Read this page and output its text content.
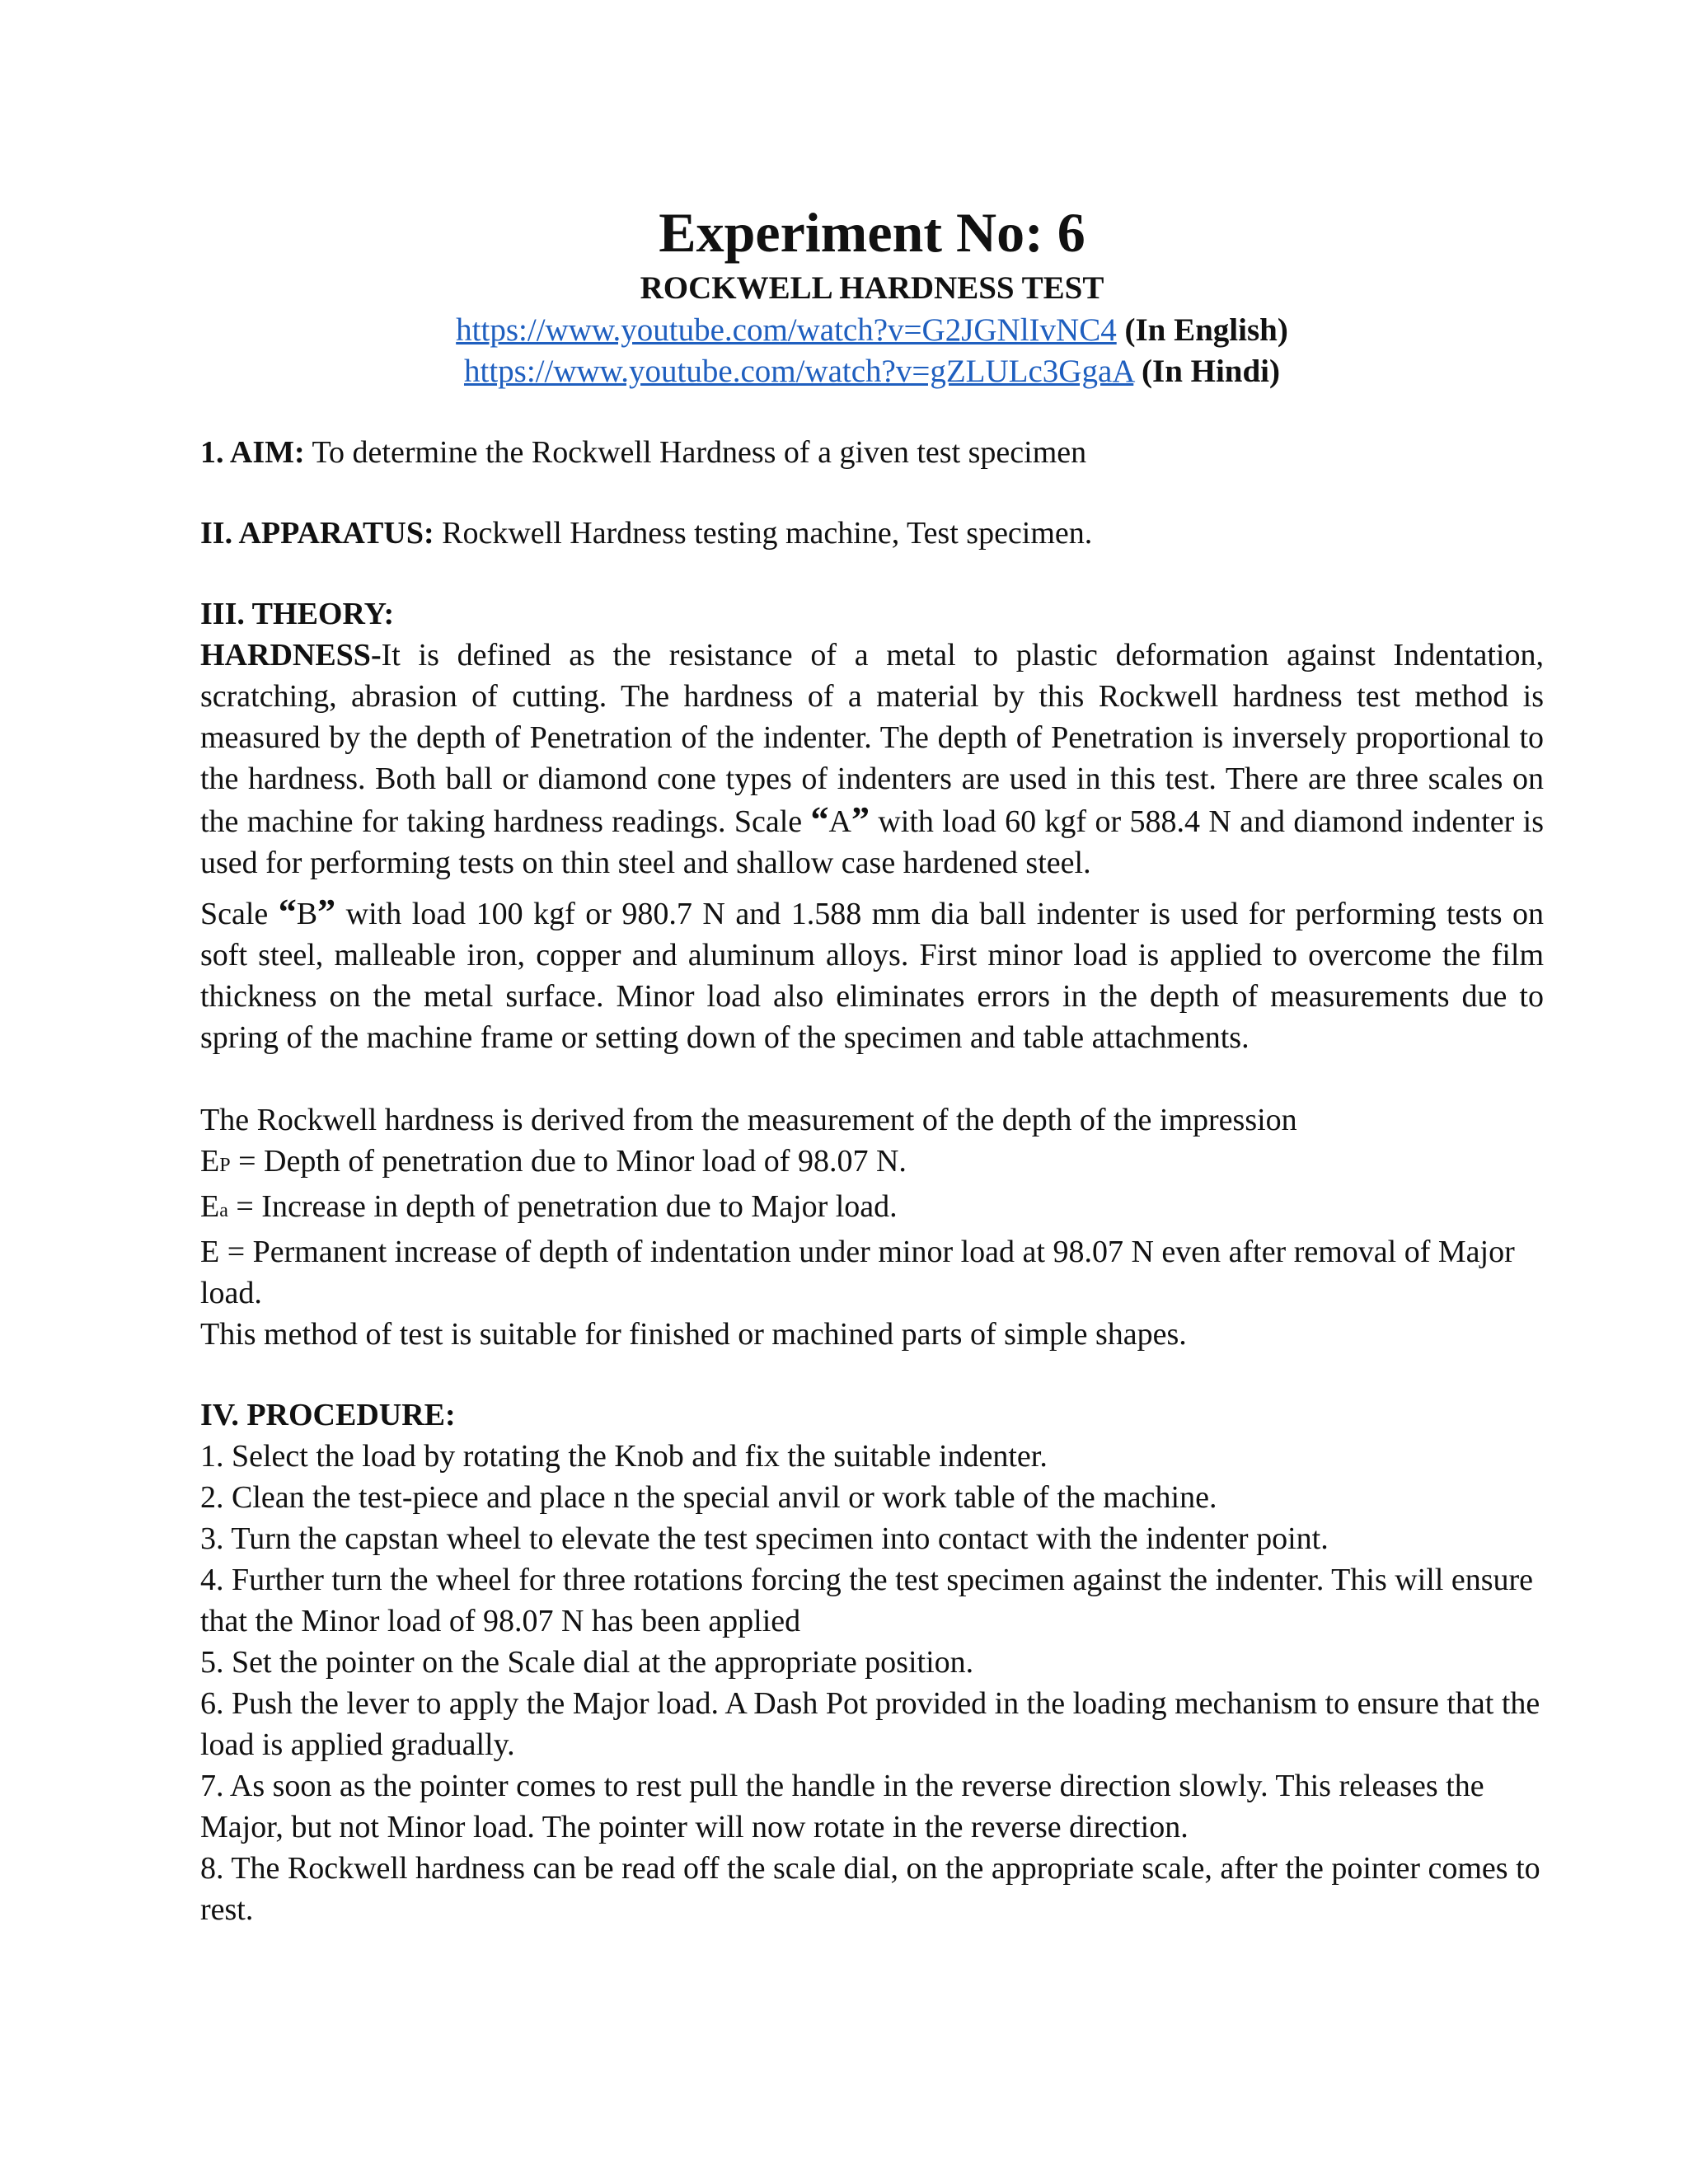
Experiment No: 6

ROCKWELL HARDNESS TEST

https://www.youtube.com/watch?v=G2JGNlIvNC4 (In English)

https://www.youtube.com/watch?v=gZLULc3GgaA (In Hindi)

1. AIM: To determine the Rockwell Hardness of a given test specimen

II. APPARATUS: Rockwell Hardness testing machine, Test specimen.

III. THEORY:

HARDNESS-It is defined as the resistance of a metal to plastic deformation against Indentation, scratching, abrasion of cutting. The hardness of a material by this Rockwell hardness test method is measured by the depth of Penetration of the indenter. The depth of Penetration is inversely proportional to the hardness. Both ball or diamond cone types of indenters are used in this test. There are three scales on the machine for taking hardness readings. Scale “A” with load 60 kgf or 588.4 N and diamond indenter is used for performing tests on thin steel and shallow case hardened steel.

Scale “B” with load 100 kgf or 980.7 N and 1.588 mm dia ball indenter is used for performing tests on soft steel, malleable iron, copper and aluminum alloys. First minor load is applied to overcome the film thickness on the metal surface. Minor load also eliminates errors in the depth of measurements due to spring of the machine frame or setting down of the specimen and table attachments.

The Rockwell hardness is derived from the measurement of the depth of the impression

EP = Depth of penetration due to Minor load of 98.07 N.

Ea = Increase in depth of penetration due to Major load.

E = Permanent increase of depth of indentation under minor load at 98.07 N even after removal of Major load.

This method of test is suitable for finished or machined parts of simple shapes.

IV. PROCEDURE:

1. Select the load by rotating the Knob and fix the suitable indenter.
2. Clean the test-piece and place n the special anvil or work table of the machine.
3. Turn the capstan wheel to elevate the test specimen into contact with the indenter point.
4. Further turn the wheel for three rotations forcing the test specimen against the indenter. This will ensure that the Minor load of 98.07 N has been applied
5. Set the pointer on the Scale dial at the appropriate position.
6. Push the lever to apply the Major load. A Dash Pot provided in the loading mechanism to ensure that the load is applied gradually.
7. As soon as the pointer comes to rest pull the handle in the reverse direction slowly. This releases the Major, but not Minor load. The pointer will now rotate in the reverse direction.
8. The Rockwell hardness can be read off the scale dial, on the appropriate scale, after the pointer comes to rest.
